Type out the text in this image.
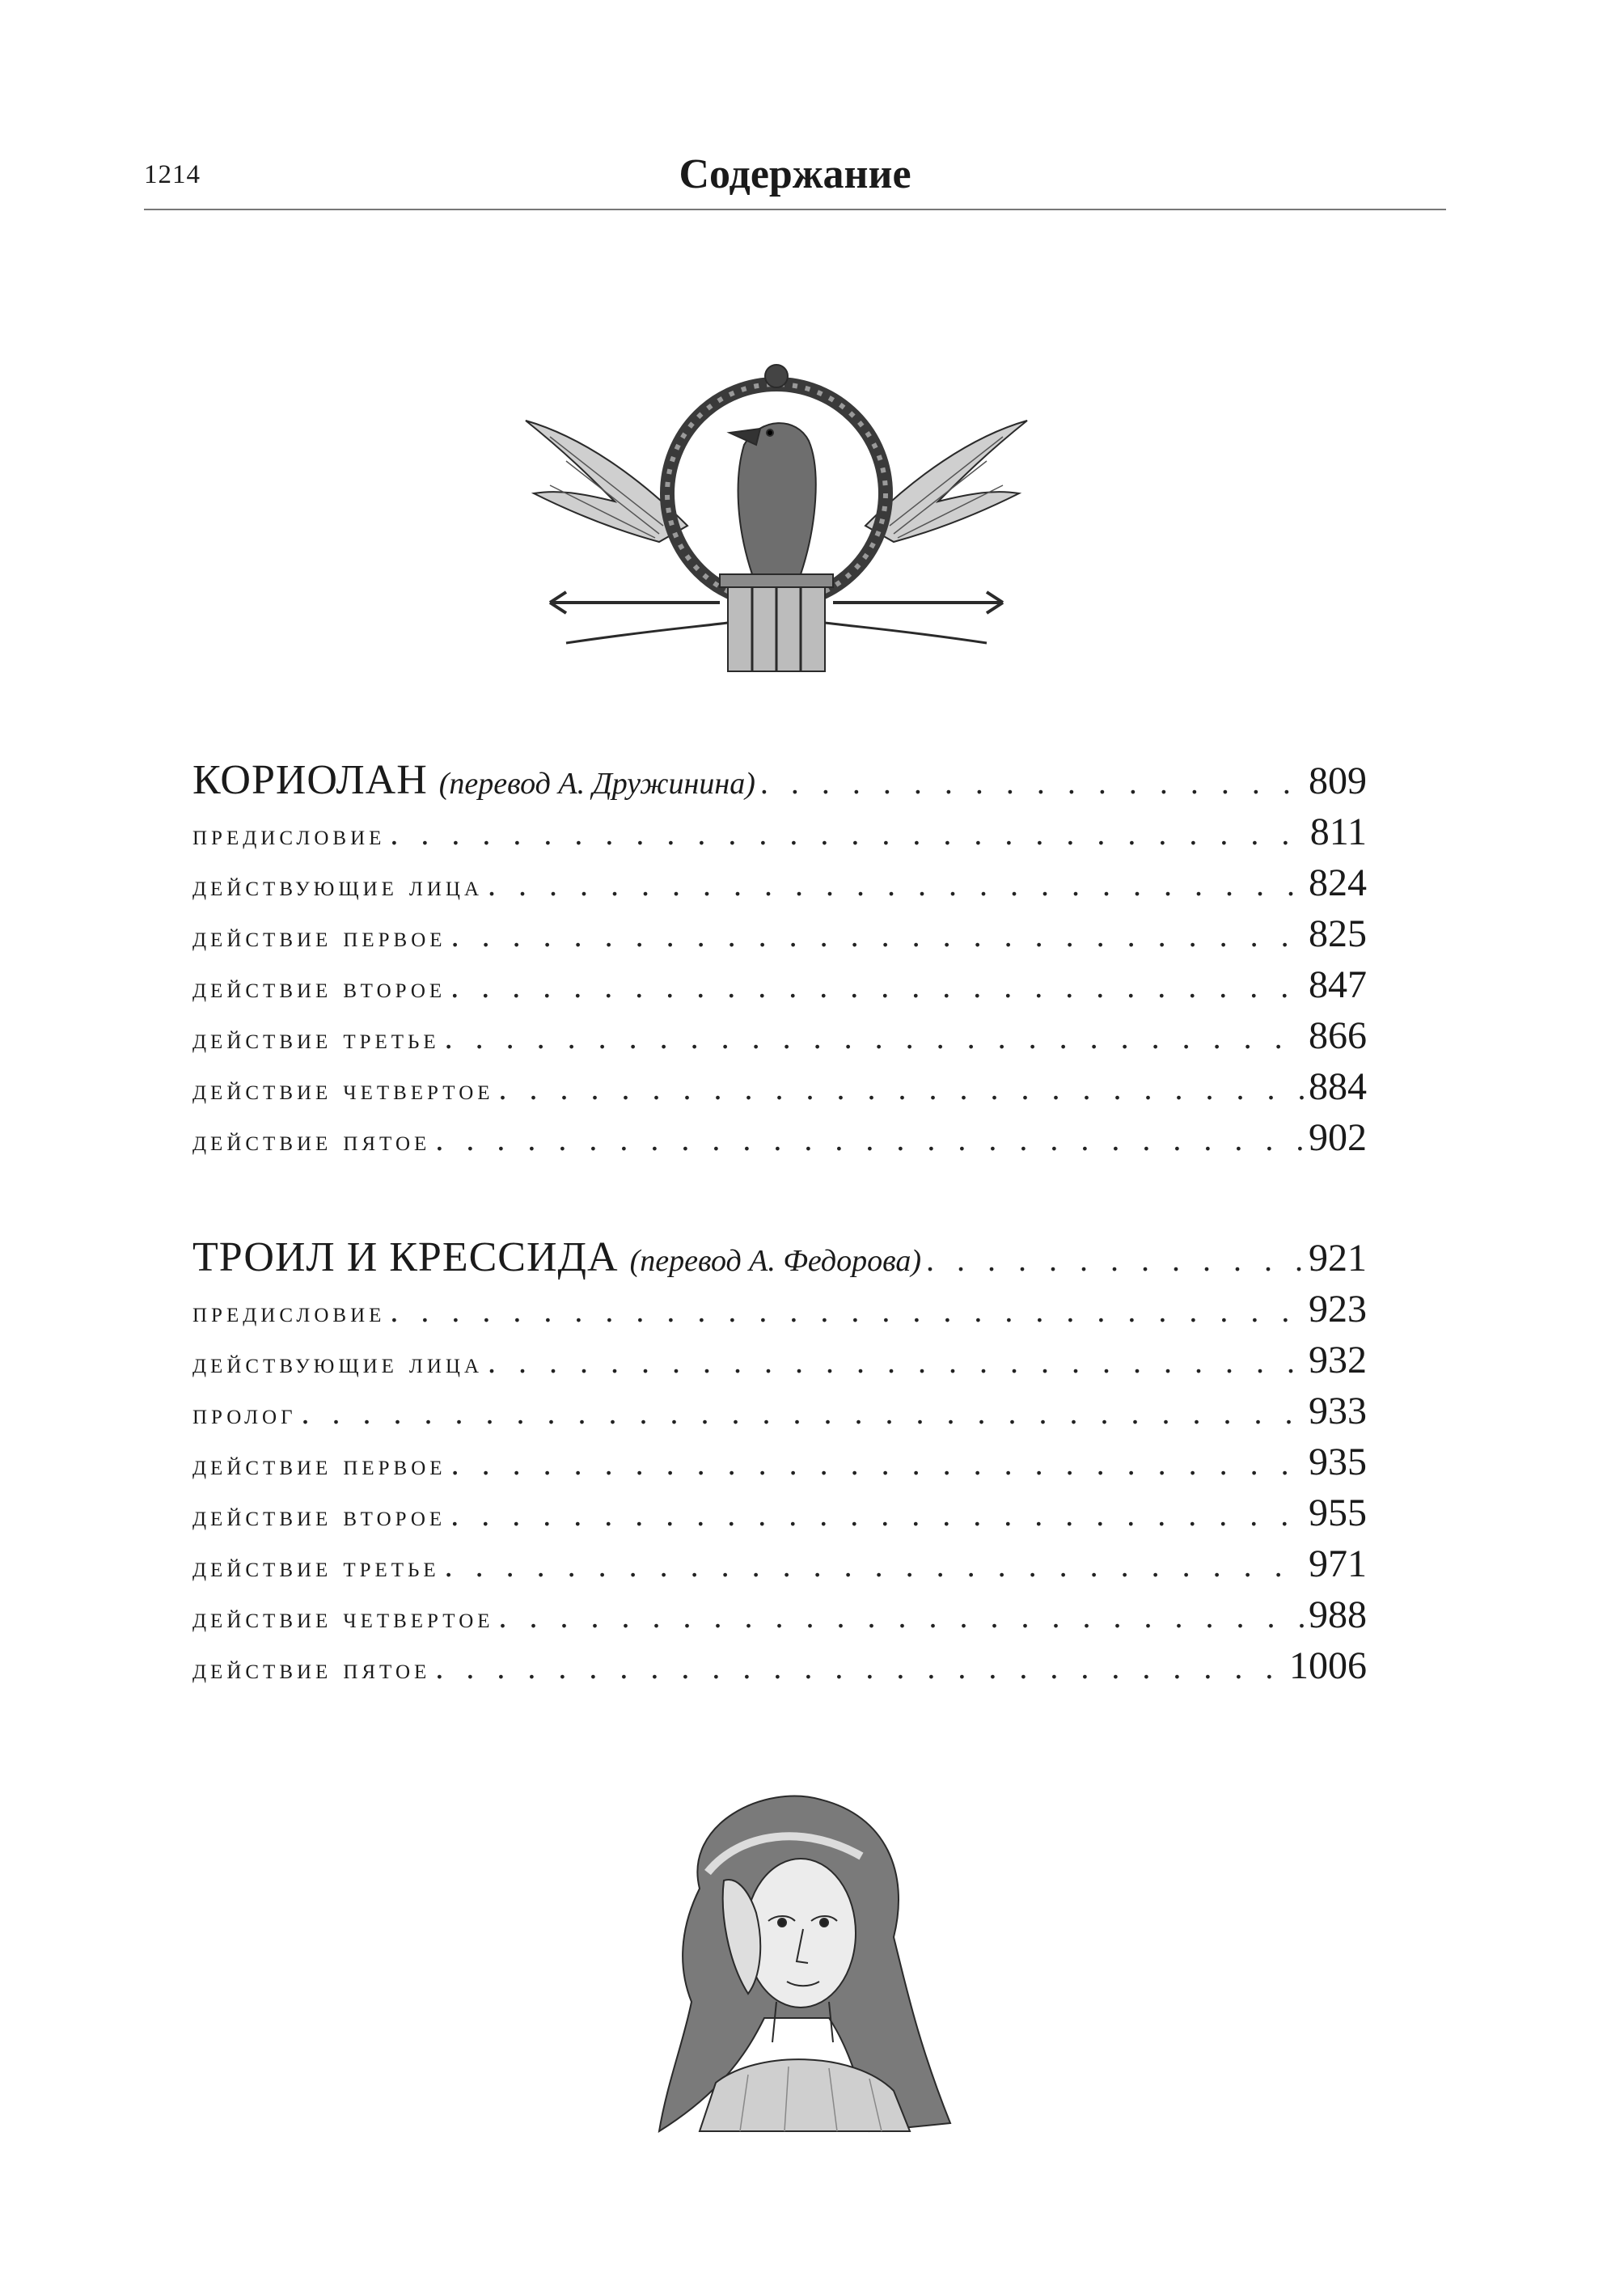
1214	Содержание
КОРИОЛАН (перевод А. Дружинина) . . .	809
предисловие . . .	811
действующие лица . . .	824
действие первое . . .	825
действие второе . . .	847
действие третье . . .	866
действие четвертое . . .	884
действие пятое . . .	902
ТРОИЛ И КРЕССИДА (перевод А. Федорова) . . .	921
предисловие . . .	923
действующие лица . . .	932
пролог . . .	933
действие первое . . .	935
действие второе . . .	955
действие третье . . .	971
действие четвертое . . .	988
действие пятое . . .	1006
